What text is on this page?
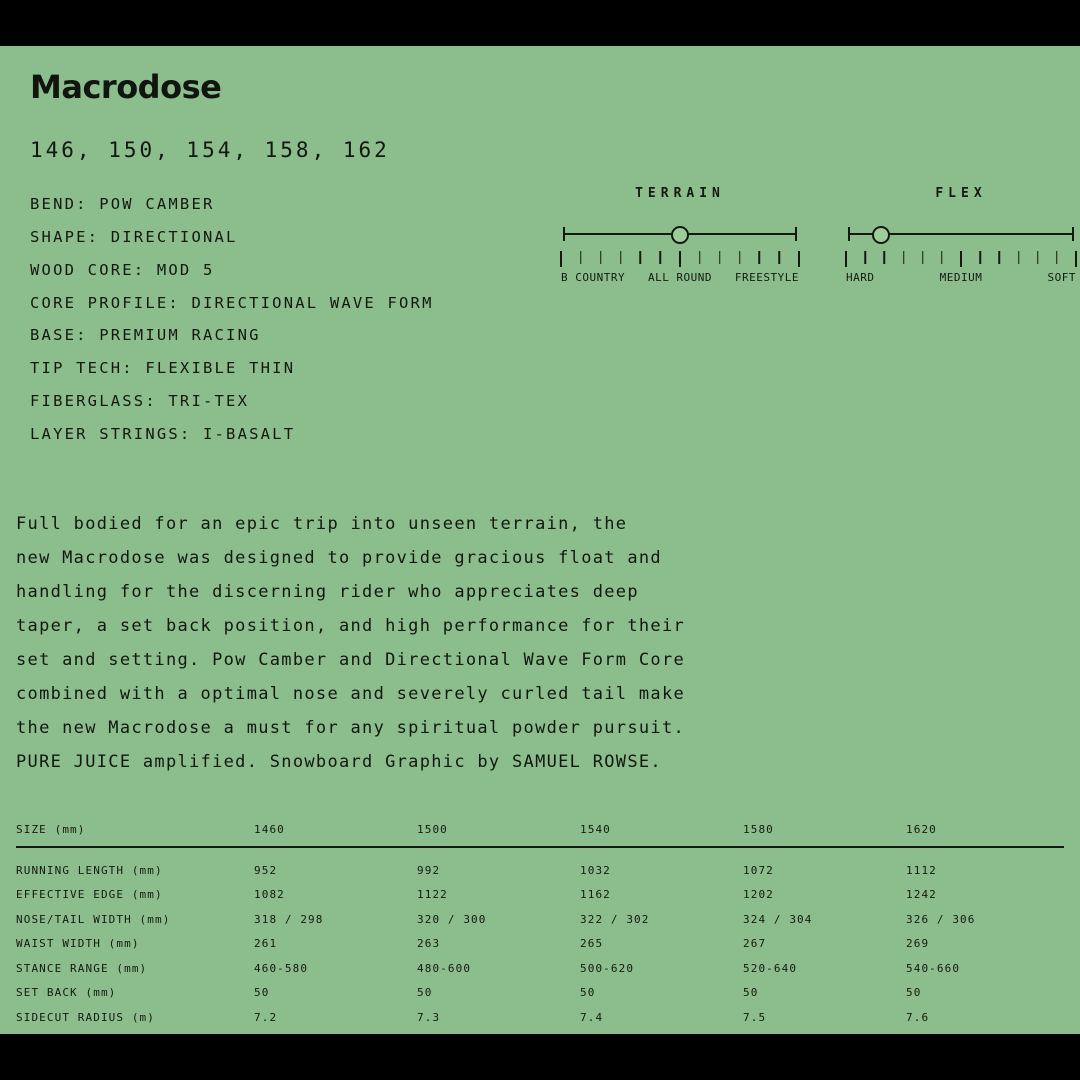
Macrodose
146, 150, 154, 158, 162
BEND: POW CAMBER
SHAPE: DIRECTIONAL
WOOD CORE: MOD 5
CORE PROFILE: DIRECTIONAL WAVE FORM
BASE: PREMIUM RACING
TIP TECH: FLEXIBLE THIN
FIBERGLASS: TRI-TEX
LAYER STRINGS: I-BASALT
TERRAIN
B COUNTRY ALL ROUND FREESTYLE
FLEX
HARD	MEDIUM	SOFT

Full bodied for an epic trip into unseen terrain, the

new Macrodose was designed to provide gracious float and

handling for the discerning rider who appreciates deep

taper, a set back position, and high performance for their

set and setting. Pow Camber and Directional Wave Form Core

combined with a optimal nose and severely curled tail make

the new Macrodose a must for any spiritual powder pursuit.

PURE JUICE amplified. Snowboard Graphic by SAMUEL ROWSE.

SIZE (mm)	1460	1500	1540	1580	1620
RUNNING LENGTH (mm)	952	992	1032	1072	1112
EFFECTIVE EDGE (mm)	1082	1122	1162	1202	1242
NOSE/TAIL WIDTH (mm)	318 / 298	320 / 300	322 / 302	324 / 304	326 / 306
WAIST WIDTH (mm)	261	263	265	267	269
STANCE RANGE (mm)	460-580	480-600	500-620	520-640	540-660
SET BACK (mm)	50	50	50	50	50
SIDECUT RADIUS (m)	7.2	7.3	7.4	7.5	7.6
